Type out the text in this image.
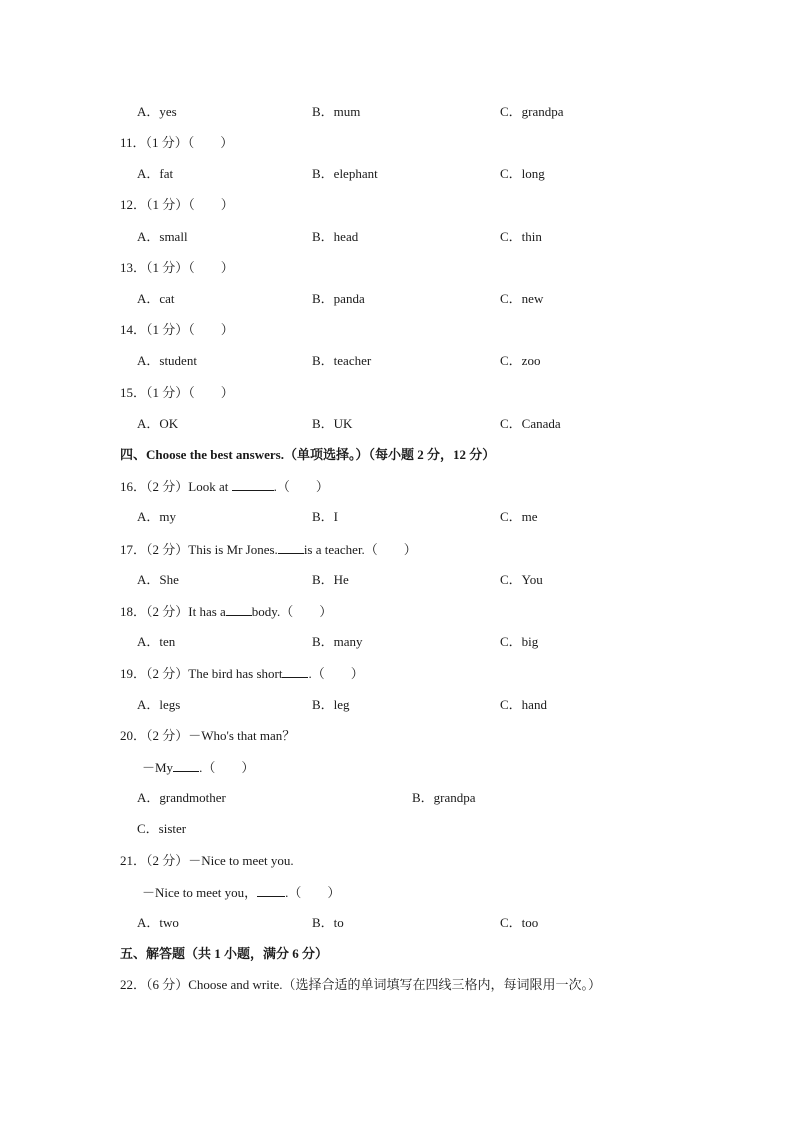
A．yes	B．mum	C．grandpa
11．（1 分）（　　）
A．fat	B．elephant	C．long
12．（1 分）（　　）
A．small	B．head	C．thin
13．（1 分）（　　）
A．cat	B．panda	C．new
14．（1 分）（　　）
A．student	B．teacher	C．zoo
15．（1 分）（　　）
A．OK	B．UK	C．Canada
四、Choose the best answers.（单项选择。）（每小题 2 分，12 分）
16．（2 分）Look at	.（　　）
A．my	B．I	C．me
17．（2 分）This is Mr Jones. is a teacher.（　　）
A．She	B．He	C．You
18．（2 分）It has a body.（　　）
A．ten	B．many	C．big
19．（2 分）The bird has short .（　　）
A．legs	B．leg	C．hand
20．（2 分）－Who's that man？
－My .（　　）
A．grandmother	B．grandpa
C．sister
21．（2 分）－Nice to meet you.
－Nice to meet you， .（　　）
A．two	B．to	C．too
五、解答题（共 1 小题，满分 6 分）
22．（6 分）Choose and write.（选择合适的单词填写在四线三格内，每词限用一次。）
